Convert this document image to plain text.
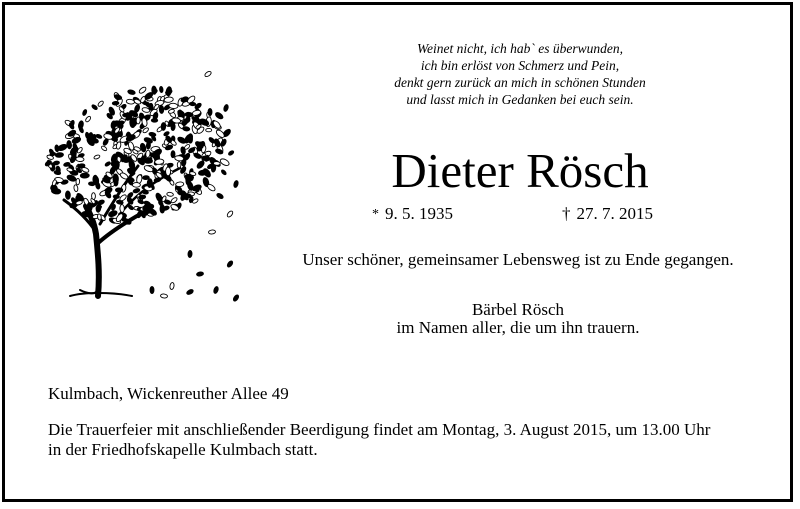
Weinet nicht, ich hab` es überwunden,
ich bin erlöst von Schmerz und Pein,
denkt gern zurück an mich in schönen Stunden
und lasst mich in Gedanken bei euch sein.
Dieter Rösch
* 9. 5. 1935	† 27. 7. 2015
Unser schöner, gemeinsamer Lebensweg ist zu Ende gegangen.
Bärbel Rösch
im Namen aller, die um ihn trauern.
Kulmbach, Wickenreuther Allee 49
Die Trauerfeier mit anschließender Beerdigung findet am Montag, 3. August 2015, um 13.00 Uhr
in der Friedhofskapelle Kulmbach statt.
